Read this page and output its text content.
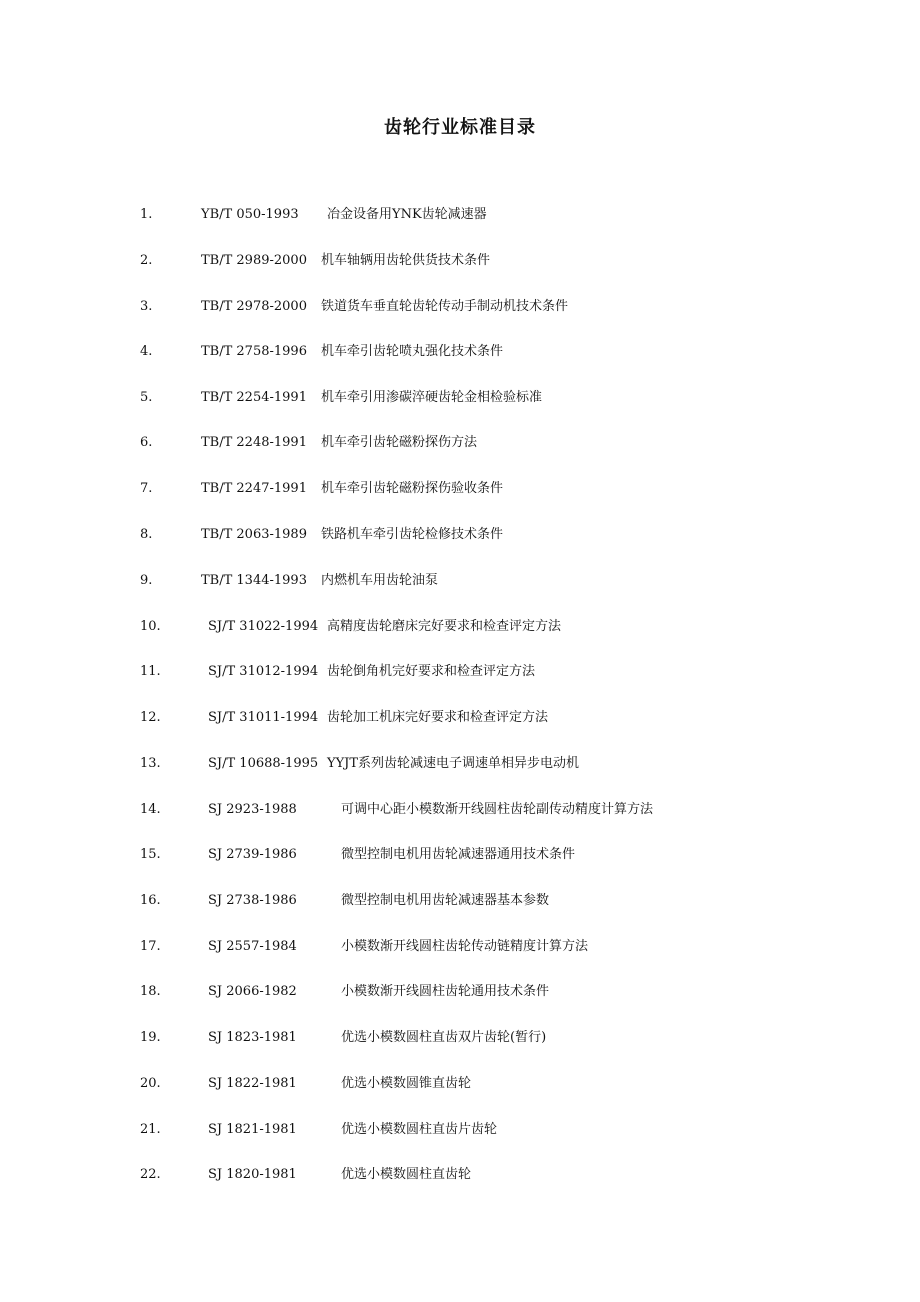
齿轮行业标准目录
1.	YB/T 050-1993 冶金设备用YNK齿轮减速器
2.	TB/T 2989-2000 机车轴辆用齿轮供货技术条件
3.	TB/T 2978-2000 铁道货车垂直轮齿轮传动手制动机技术条件
4.	TB/T 2758-1996 机车牵引齿轮喷丸强化技术条件
5.	TB/T 2254-1991 机车牵引用渗碳淬硬齿轮金相检验标准
6.	TB/T 2248-1991 机车牵引齿轮磁粉探伤方法
7.	TB/T 2247-1991 机车牵引齿轮磁粉探伤验收条件
8.	TB/T 2063-1989 铁路机车牵引齿轮检修技术条件
9.	TB/T 1344-1993 内燃机车用齿轮油泵
10.	SJ/T 31022-1994 高精度齿轮磨床完好要求和检查评定方法
11.	SJ/T 31012-1994 齿轮倒角机完好要求和检查评定方法
12.	SJ/T 31011-1994 齿轮加工机床完好要求和检查评定方法
13.	SJ/T 10688-1995 YYJT系列齿轮减速电子调速单相异步电动机
14.	SJ 2923-1988	可调中心距小模数渐开线圆柱齿轮副传动精度计算方法
15.	SJ 2739-1986	微型控制电机用齿轮减速器通用技术条件
16.	SJ 2738-1986	微型控制电机用齿轮减速器基本参数
17.	SJ 2557-1984	小模数渐开线圆柱齿轮传动链精度计算方法
18.	SJ 2066-1982	小模数渐开线圆柱齿轮通用技术条件
19.	SJ 1823-1981	优选小模数圆柱直齿双片齿轮(暂行)
20.	SJ 1822-1981	优选小模数圆锥直齿轮
21.	SJ 1821-1981	优选小模数圆柱直齿片齿轮
22.	SJ 1820-1981	优选小模数圆柱直齿轮
